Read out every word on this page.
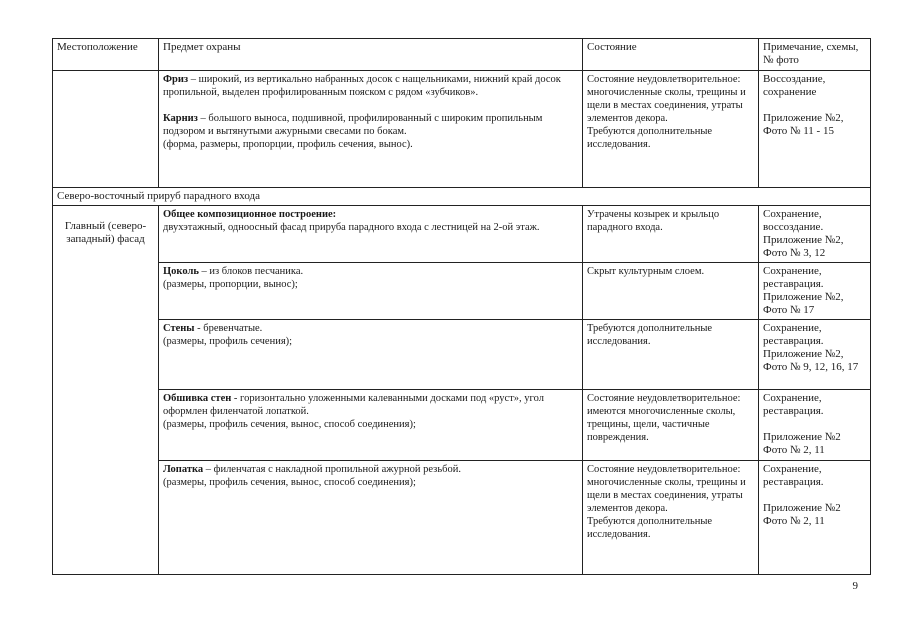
Местоположение	Предмет охраны	Состояние	Примечание, схемы, № фото
	Фриз – широкий, из вертикально набранных досок с нащельниками, нижний край досок пропильной, выделен профилированным пояском с рядом «зубчиков».
Карниз – большого выноса, подшивной, профилированный с широким пропильным подзором и вытянутыми ажурными свесами по бокам.
(форма, размеры, пропорции, профиль сечения, вынос).	Состояние неудовлетворительное: многочисленные сколы, трещины и щели в местах соединения, утраты элементов декора.
Требуются дополнительные исследования.	Воссоздание, сохранение
Приложение №2, Фото № 11 - 15
Северо-восточный прируб парадного входа			
Главный (северо-западный) фасад	Общее композиционное построение:
двухэтажный, одноосный фасад прируба парадного входа с лестницей на 2-ой этаж.	Утрачены козырек и крыльцо парадного входа.	Сохранение, воссоздание. Приложение №2, Фото № 3, 12
	Цоколь – из блоков песчаника.
(размеры, пропорции, вынос);	Скрыт культурным слоем.	Сохранение, реставрация. Приложение №2, Фото № 17
	Стены - бревенчатые.
(размеры, профиль сечения);	Требуются дополнительные исследования.	Сохранение, реставрация. Приложение №2, Фото № 9, 12, 16, 17
	Обшивка стен - горизонтально уложенными калеванными досками под «руст», угол оформлен филенчатой лопаткой.
(размеры, профиль сечения, вынос, способ соединения);	Состояние неудовлетворительное: имеются многочисленные сколы, трещины, щели, частичные повреждения.	Сохранение, реставрация.
Приложение №2 Фото № 2, 11
	Лопатка – филенчатая с накладной пропильной ажурной резьбой.
(размеры, профиль сечения, вынос, способ соединения);	Состояние неудовлетворительное: многочисленные сколы, трещины и щели в местах соединения, утраты элементов декора.
Требуются дополнительные исследования.	Сохранение, реставрация.
Приложение №2 Фото № 2, 11
9
